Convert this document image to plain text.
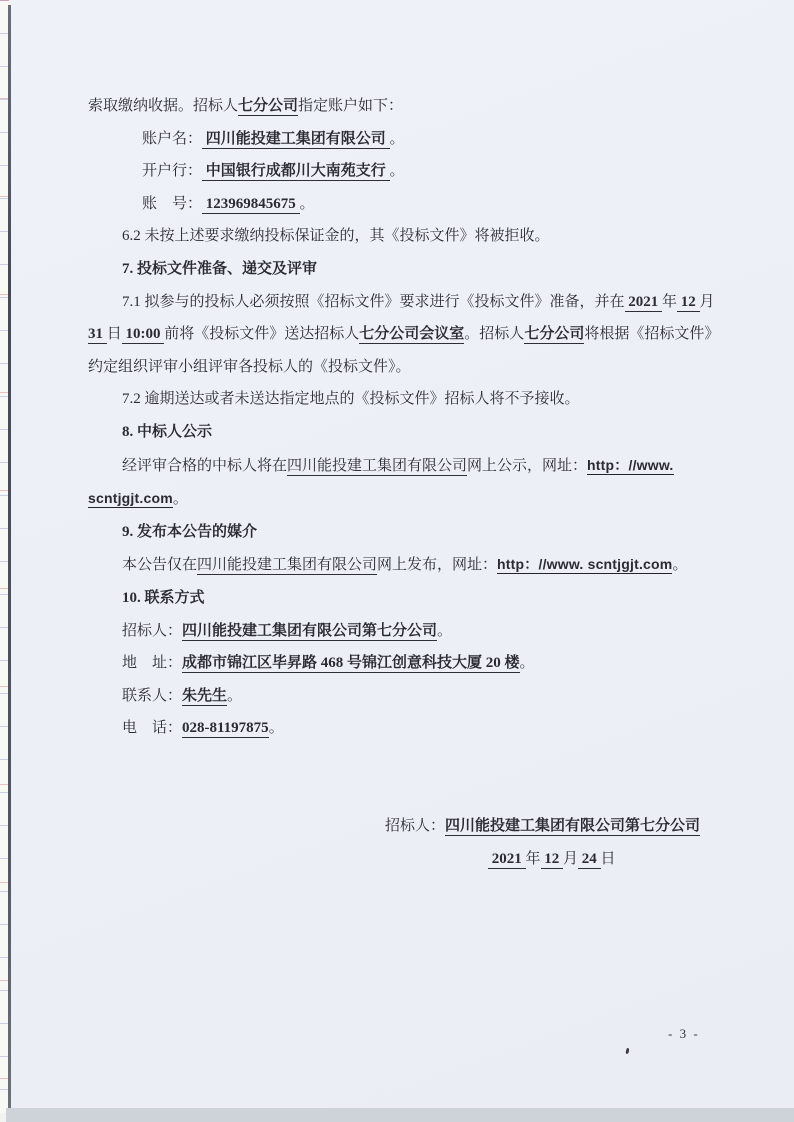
索取缴纳收据。招标人七分公司指定账户如下：
账户名： 四川能投建工集团有限公司 。
开户行： 中国银行成都川大南苑支行 。
账　号： 123969845675 。
6.2 未按上述要求缴纳投标保证金的，其《投标文件》将被拒收。
7. 投标文件准备、递交及评审
7.1 拟参与的投标人必须按照《招标文件》要求进行《投标文件》准备，并在 2021 年 12 月
31 日 10:00 前将《投标文件》送达招标人七分公司会议室。招标人七分公司将根据《招标文件》
约定组织评审小组评审各投标人的《投标文件》。
7.2 逾期送达或者未送达指定地点的《投标文件》招标人将不予接收。
8. 中标人公示
经评审合格的中标人将在四川能投建工集团有限公司网上公示，网址：http：//www.
scntjgjt.com。
9. 发布本公告的媒介
本公告仅在四川能投建工集团有限公司网上发布，网址：http：//www. scntjgjt.com。
10. 联系方式
招标人：四川能投建工集团有限公司第七分公司。
地　址：成都市锦江区毕昇路 468 号锦江创意科技大厦 20 楼。
联系人：朱先生。
电　话：028-81197875。
招标人：四川能投建工集团有限公司第七分公司
2021 年 12 月 24 日
- 3 -
